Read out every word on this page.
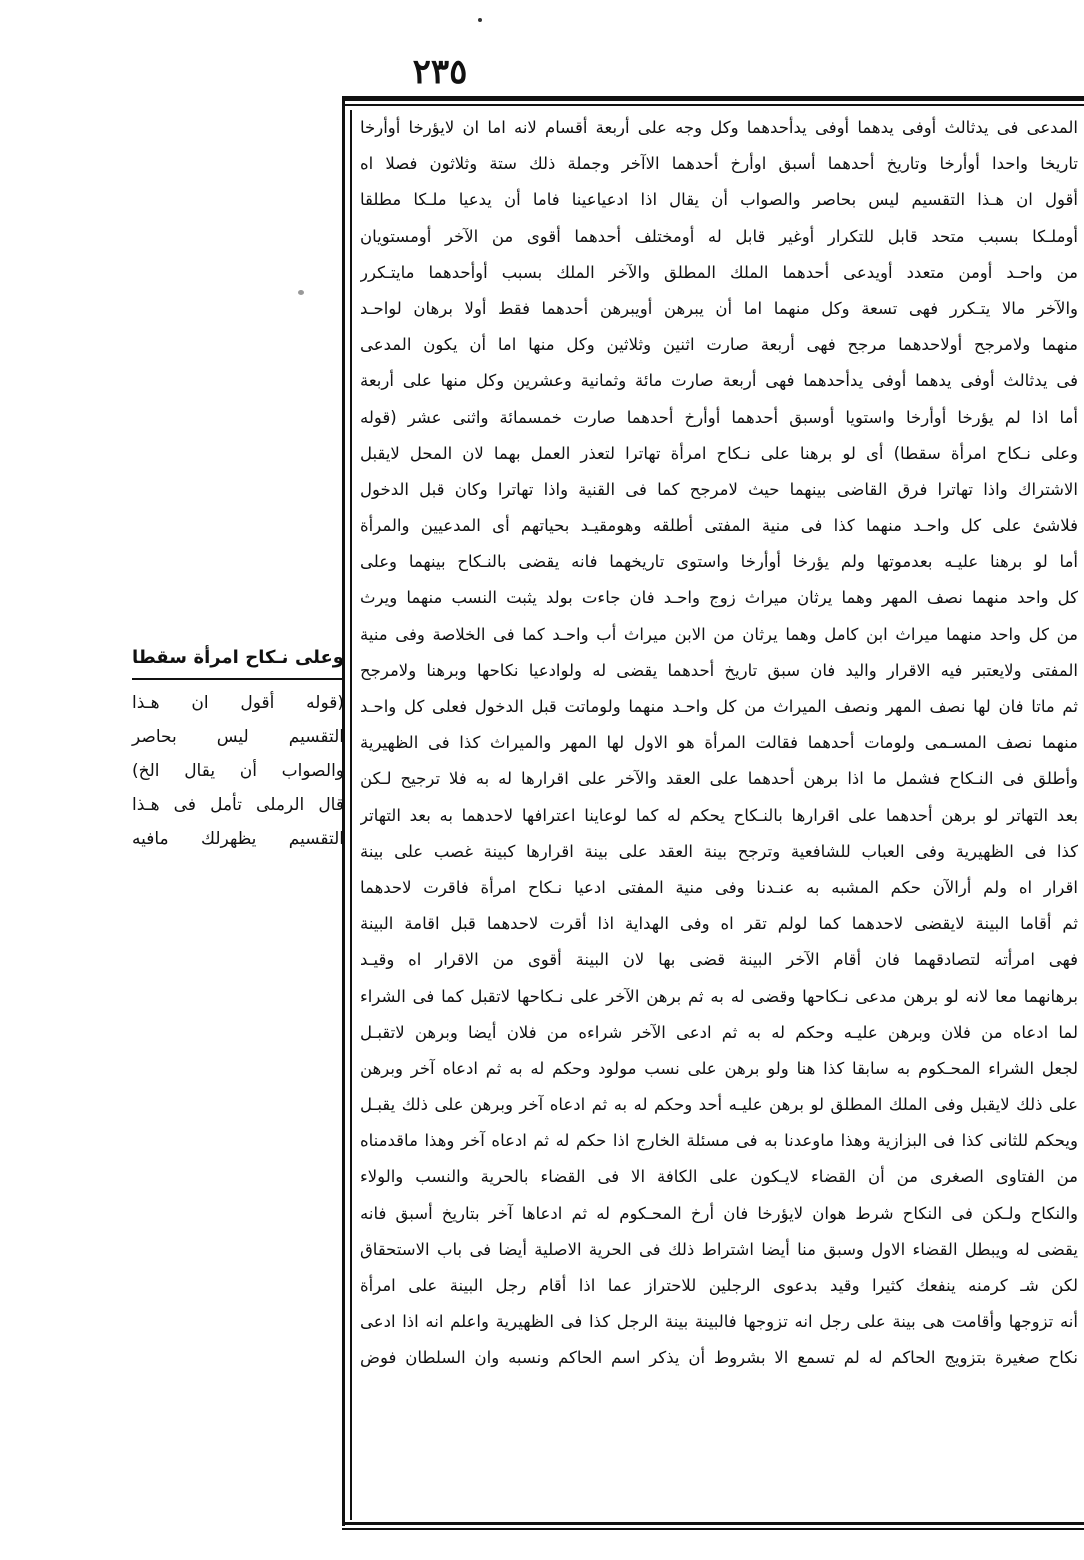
٢٣٥
المدعى فى يدثالث أوفى يدهما أوفى يدأحدهما وكل وجه على أربعة أقسام لانه اما ان لايؤرخا أوأرخا
تاريخا واحدا أوأرخا وتاريخ أحدهما أسبق اوأرخ أحدهما الاآخر وجملة ذلك ستة وثلاثون فصلا اه
أقول ان هـذا التقسيم ليس بحاصر والصواب أن يقال اذا ادعياعينا فاما أن يدعيا ملـكا مطلقا
أوملـكا بسبب متحد قابل للتكرار أوغير قابل له أومختلف أحدهما أقوى من الآخر أومستويان
من واحـد أومن متعدد أويدعى أحدهما الملك المطلق والآخر الملك بسبب أوأحدهما مايتـكرر
والآخر مالا يتـكرر فهى تسعة وكل منهما اما أن يبرهن أويبرهن أحدهما فقط أولا برهان لواحـد
منهما ولامرجح أولاحدهما مرجح فهى أربعة صارت اثنين وثلاثين وكل منها اما أن يكون المدعى
فى يدثالث أوفى يدهما أوفى يدأحدهما فهى أربعة صارت مائة وثمانية وعشرين وكل منها على أربعة
أما اذا لم يؤرخا أوأرخا واستويا أوسبق أحدهما أوأرخ أحدهما صارت خمسمائة واثنى عشر (قوله
وعلى نـكاح امرأة سقطا) أى لو برهنا على نـكاح امرأة تهاترا لتعذر العمل بهما لان المحل لايقبل
الاشتراك واذا تهاترا فرق القاضى بينهما حيث لامرجح كما فى القنية واذا تهاترا وكان قبل الدخول
فلاشئ على كل واحـد منهما كذا فى منية المفتى أطلقه وهومقيـد بحياتهم أى المدعيين والمرأة
أما لو برهنا عليـه بعدموتها ولم يؤرخا أوأرخا واستوى تاريخهما فانه يقضى بالنـكاح بينهما وعلى
كل واحد منهما نصف المهر وهما يرثان ميراث زوج واحـد فان جاءت بولد يثبت النسب منهما ويرث
من كل واحد منهما ميراث ابن كامل وهما يرثان من الابن ميراث أب واحـد كما فى الخلاصة وفى منية
المفتى ولايعتبر فيه الاقرار واليد فان سبق تاريخ أحدهما يقضى له ولوادعيا نكاحها وبرهنا ولامرجح
ثم ماتا فان لها نصف المهر ونصف الميراث من كل واحـد منهما ولوماتت قبل الدخول فعلى كل واحـد
منهما نصف المسـمى ولومات أحدهما فقالت المرأة هو الاول لها المهر والميراث كذا فى الظهيرية
وأطلق فى النـكاح فشمل ما اذا برهن أحدهما على العقد والآخر على اقرارها له به فلا ترجيح لـكن
بعد التهاتر لو برهن أحدهما على اقرارها بالنـكاح يحكم له كما لوعاينا اعترافها لاحدهما به بعد التهاتر
كذا فى الظهيرية وفى العباب للشافعية وترجح بينة العقد على بينة اقرارها كبينة غصب على بينة
اقرار اه ولم أرالآن حكم المشبه به عنـدنا وفى منية المفتى ادعيا نـكاح امرأة فاقرت لاحدهما
ثم أقاما البينة لايقضى لاحدهما كما لولم تقر اه وفى الهداية اذا أقرت لاحدهما قبل اقامة البينة
فهى امرأته لتصادقهما فان أقام الآخر البينة قضى بها لان البينة أقوى من الاقرار اه وقيـد
برهانهما معا لانه لو برهن مدعى نـكاحها وقضى له به ثم برهن الآخر على نـكاحها لاتقبل كما فى الشراء
لما ادعاه من فلان وبرهن عليـه وحكم له به ثم ادعى الآخر شراءه من فلان أيضا وبرهن لاتقبـل
لجعل الشراء المحـكوم به سابقا كذا هنا ولو برهن على نسب مولود وحكم له به ثم ادعاه آخر وبرهن
على ذلك لايقبل وفى الملك المطلق لو برهن عليـه أحد وحكم له به ثم ادعاه آخر وبرهن على ذلك يقبـل
ويحكم للثانى كذا فى البزازية وهذا ماوعدنا به فى مسئلة الخارج اذا حكم له ثم ادعاه آخر وهذا ماقدمناه
من الفتاوى الصغرى من أن القضاء لايـكون على الكافة الا فى القضاء بالحرية والنسب والولاء
والنكاح ولـكن فى النكاح شرط هوان لايؤرخا فان أرخ المحـكوم له ثم ادعاها آخر بتاريخ أسبق فانه
يقضى له ويبطل القضاء الاول وسبق منا أيضا اشتراط ذلك فى الحرية الاصلية أيضا فى باب الاستحقاق
لكن شـ كرمنه ينفعك كثيرا وقيد بدعوى الرجلين للاحتراز عما اذا أقام رجل البينة على امرأة
أنه تزوجها وأقامت هى بينة على رجل انه تزوجها فالبينة بينة الرجل كذا فى الظهيرية واعلم انه اذا ادعى
نكاح صغيرة بتزويج الحاكم له لم تسمع الا بشروط أن يذكر اسم الحاكم ونسبه وان السلطان فوض
وعلى نـكاح امرأة سقطا
(قوله أقول ان هـذا
التقسيم ليس بحاصر
والصواب أن يقال الخ)
قال الرملى تأمل فى هـذا
التقسيم يظهرلك مافيه
